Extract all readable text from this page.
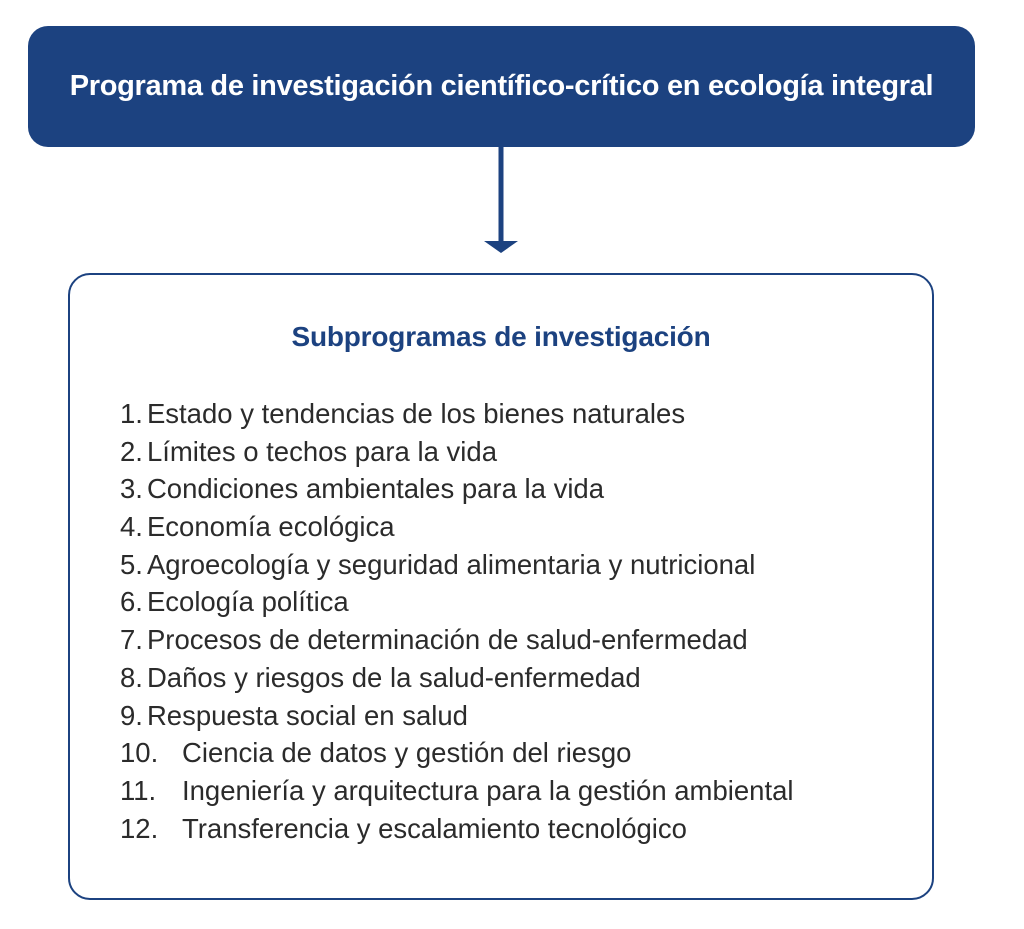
Programa de investigación científico-crítico en ecología integral
Subprogramas de investigación
1. Estado y tendencias de los bienes naturales
2. Límites o techos para la vida
3. Condiciones ambientales para la vida
4. Economía ecológica
5. Agroecología y seguridad alimentaria y nutricional
6. Ecología política
7. Procesos de determinación de salud-enfermedad
8. Daños y riesgos de la salud-enfermedad
9. Respuesta social en salud
10. Ciencia de datos y gestión del riesgo
11. Ingeniería y arquitectura para la gestión ambiental
12. Transferencia y escalamiento tecnológico
